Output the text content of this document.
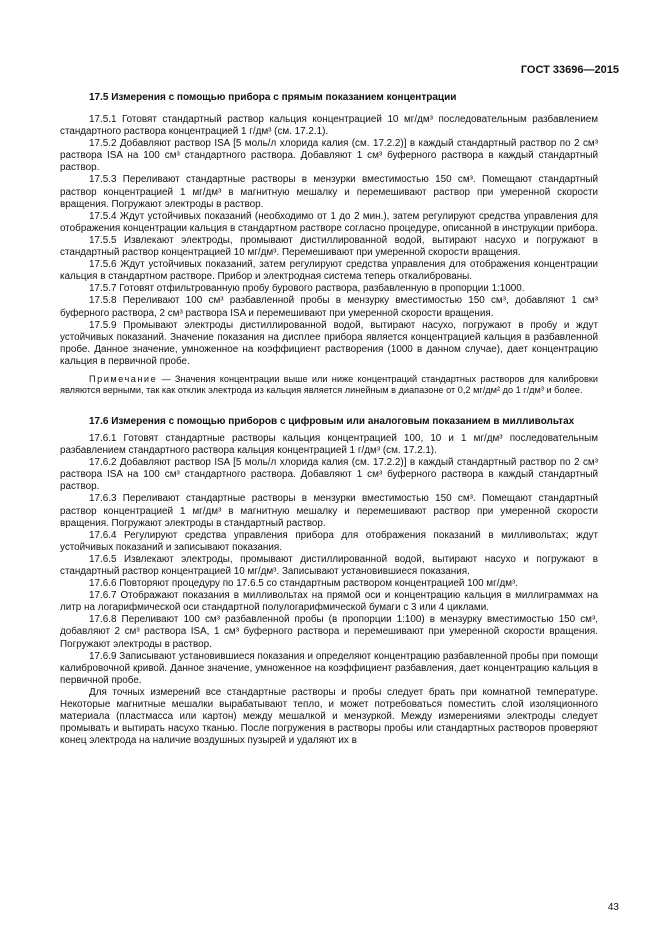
ГОСТ 33696—2015
17.5 Измерения с помощью прибора с прямым показанием концентрации

17.5.1 Готовят стандартный раствор кальция концентрацией 10 мг/дм³ последовательным разбавлением стандартного раствора концентрацией 1 г/дм³ (см. 17.2.1).

17.5.2 Добавляют раствор ISA [5 моль/л хлорида калия (см. 17.2.2)] в каждый стандартный раствор по 2 см³ раствора ISA на 100 см³ стандартного раствора. Добавляют 1 см³ буферного раствора в каждый стандартный раствор.

17.5.3 Переливают стандартные растворы в мензурки вместимостью 150 см³. Помещают стандартный раствор концентрацией 1 мг/дм³ в магнитную мешалку и перемешивают раствор при умеренной скорости вращения. Погружают электроды в раствор.

17.5.4 Ждут устойчивых показаний (необходимо от 1 до 2 мин.), затем регулируют средства управления для отображения концентрации кальция в стандартном растворе согласно процедуре, описанной в инструкции прибора.

17.5.5 Извлекают электроды, промывают дистиллированной водой, вытирают насухо и погружают в стандартный раствор концентрацией 10 мг/дм³. Перемешивают при умеренной скорости вращения.

17.5.6 Ждут устойчивых показаний, затем регулируют средства управления для отображения концентрации кальция в стандартном растворе. Прибор и электродная система теперь откалиброваны.

17.5.7 Готовят отфильтрованную пробу бурового раствора, разбавленную в пропорции 1:1000.

17.5.8 Переливают 100 см³ разбавленной пробы в мензурку вместимостью 150 см³, добавляют 1 см³ буферного раствора, 2 см³ раствора ISA и перемешивают при умеренной скорости вращения.

17.5.9 Промывают электроды дистиллированной водой, вытирают насухо, погружают в пробу и ждут устойчивых показаний. Значение показания на дисплее прибора является концентрацией кальция в разбавленной пробе. Данное значение, умноженное на коэффициент растворения (1000 в данном случае), дает концентрацию кальция в первичной пробе.

Примечание — Значения концентрации выше или ниже концентраций стандартных растворов для калибровки являются верными, так как отклик электрода из кальция является линейным в диапазоне от 0,2 мг/дм² до 1 г/дм³ и более.

17.6 Измерения с помощью приборов с цифровым или аналоговым показанием в милливольтах

17.6.1 Готовят стандартные растворы кальция концентрацией 100, 10 и 1 мг/дм³ последовательным разбавлением стандартного раствора кальция концентрацией 1 г/дм³ (см. 17.2.1).

17.6.2 Добавляют раствор ISA [5 моль/л хлорида калия (см. 17.2.2)] в каждый стандартный раствор по 2 см³ раствора ISA на 100 см³ стандартного раствора. Добавляют 1 см³ буферного раствора в каждый стандартный раствор.

17.6.3 Переливают стандартные растворы в мензурки вместимостью 150 см³. Помещают стандартный раствор концентрацией 1 мг/дм³ в магнитную мешалку и перемешивают раствор при умеренной скорости вращения. Погружают электроды в стандартный раствор.

17.6.4 Регулируют средства управления прибора для отображения показаний в милливольтах; ждут устойчивых показаний и записывают показания.

17.6.5 Извлекают электроды, промывают дистиллированной водой, вытирают насухо и погружают в стандартный раствор концентрацией 10 мг/дм³. Записывают установившиеся показания.

17.6.6 Повторяют процедуру по 17.6.5 со стандартным раствором концентрацией 100 мг/дм³.

17.6.7 Отображают показания в милливольтах на прямой оси и концентрацию кальция в миллиграммах на литр на логарифмической оси стандартной полулогарифмической бумаги с 3 или 4 циклами.

17.6.8 Переливают 100 см³ разбавленной пробы (в пропорции 1:100) в мензурку вместимостью 150 см³, добавляют 2 см³ раствора ISA, 1 см³ буферного раствора и перемешивают при умеренной скорости вращения. Погружают электроды в раствор.

17.6.9 Записывают установившиеся показания и определяют концентрацию разбавленной пробы при помощи калибровочной кривой. Данное значение, умноженное на коэффициент разбавления, дает концентрацию кальция в первичной пробе.

Для точных измерений все стандартные растворы и пробы следует брать при комнатной температуре. Некоторые магнитные мешалки вырабатывают тепло, и может потребоваться поместить слой изоляционного материала (пластмасса или картон) между мешалкой и мензуркой. Между измерениями электроды следует промывать и вытирать насухо тканью. После погружения в растворы пробы или стандартных растворов проверяют конец электрода на наличие воздушных пузырей и удаляют их в

43
